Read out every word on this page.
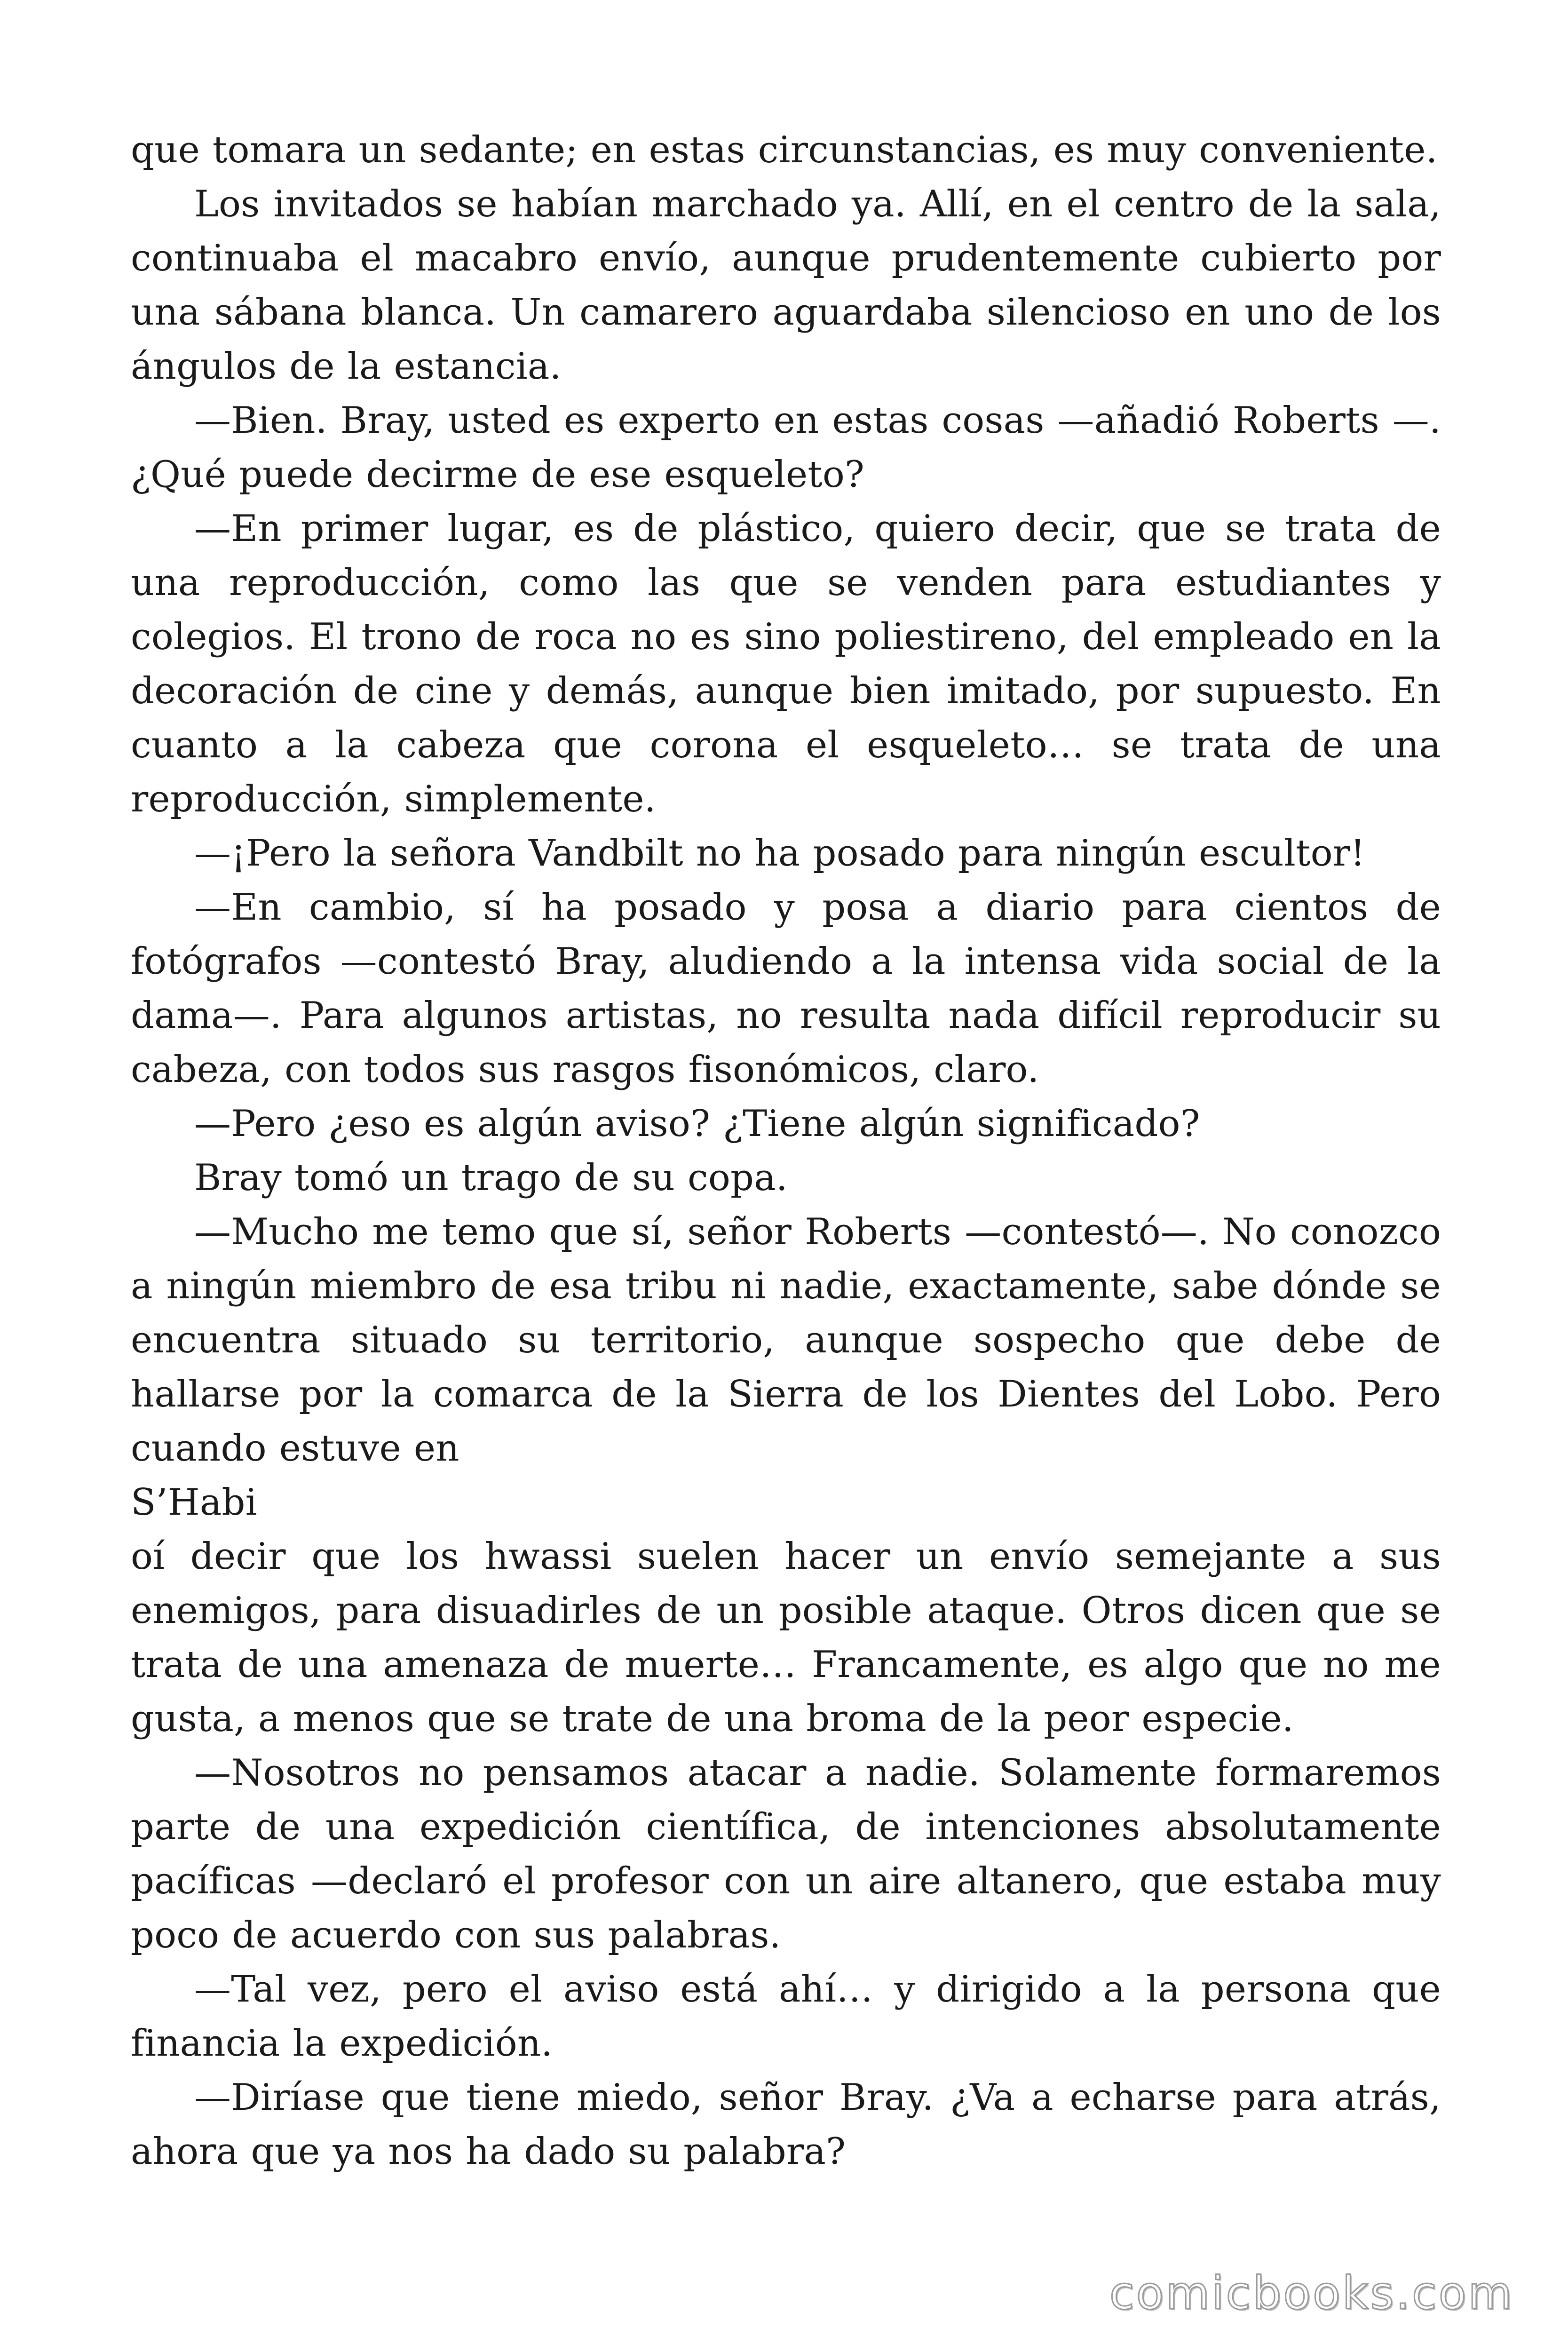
que tomara un sedante; en estas circunstancias, es muy conveniente.

Los invitados se habían marchado ya. Allí, en el centro de la sala, continuaba el macabro envío, aunque prudentemente cubierto por una sábana blanca. Un camarero aguardaba silencioso en uno de los ángulos de la estancia.

—Bien. Bray, usted es experto en estas cosas —añadió Roberts —. ¿Qué puede decirme de ese esqueleto?

—En primer lugar, es de plástico, quiero decir, que se trata de una reproducción, como las que se venden para estudiantes y colegios. El trono de roca no es sino poliestireno, del empleado en la decoración de cine y demás, aunque bien imitado, por supuesto. En cuanto a la cabeza que corona el esqueleto… se trata de una reproducción, simplemente.

—¡Pero la señora Vandbilt no ha posado para ningún escultor!

—En cambio, sí ha posado y posa a diario para cientos de fotógrafos —contestó Bray, aludiendo a la intensa vida social de la dama—. Para algunos artistas, no resulta nada difícil reproducir su cabeza, con todos sus rasgos fisonómicos, claro.

—Pero ¿eso es algún aviso? ¿Tiene algún significado?

Bray tomó un trago de su copa.

—Mucho me temo que sí, señor Roberts —contestó—. No conozco a ningún miembro de esa tribu ni nadie, exactamente, sabe dónde se encuentra situado su territorio, aunque sospecho que debe de hallarse por la comarca de la Sierra de los Dientes del Lobo. Pero cuando estuve en

S’Habi

oí decir que los hwassi suelen hacer un envío semejante a sus enemigos, para disuadirles de un posible ataque. Otros dicen que se trata de una amenaza de muerte… Francamente, es algo que no me gusta, a menos que se trate de una broma de la peor especie.

—Nosotros no pensamos atacar a nadie. Solamente formaremos parte de una expedición científica, de intenciones absolutamente pacíficas —declaró el profesor con un aire altanero, que estaba muy poco de acuerdo con sus palabras.

—Tal vez, pero el aviso está ahí… y dirigido a la persona que financia la expedición.

—Diríase que tiene miedo, señor Bray. ¿Va a echarse para atrás, ahora que ya nos ha dado su palabra?

comicbooks.com
